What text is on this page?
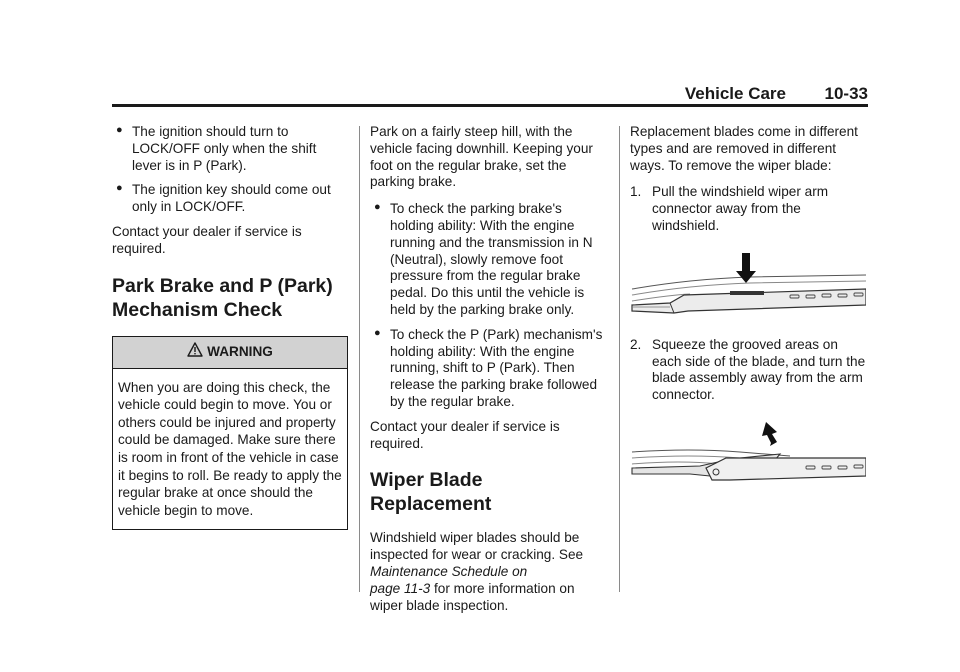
Vehicle Care 10-33
● The ignition should turn to LOCK/OFF only when the shift lever is in P (Park).
● The ignition key should come out only in LOCK/OFF.
Contact your dealer if service is required.
Park Brake and P (Park)
Mechanism Check
WARNING
When you are doing this check, the vehicle could begin to move. You or others could be injured and property could be damaged. Make sure there is room in front of the vehicle in case it begins to roll. Be ready to apply the regular brake at once should the vehicle begin to move.
Park on a fairly steep hill, with the vehicle facing downhill. Keeping your foot on the regular brake, set the parking brake.
● To check the parking brake's holding ability: With the engine running and the transmission in N (Neutral), slowly remove foot pressure from the regular brake pedal. Do this until the vehicle is held by the parking brake only.
● To check the P (Park) mechanism's holding ability: With the engine running, shift to P (Park). Then release the parking brake followed by the regular brake.
Contact your dealer if service is required.
Wiper Blade Replacement
Windshield wiper blades should be inspected for wear or cracking. See Maintenance Schedule on
page 11-3 for more information on wiper blade inspection.
Replacement blades come in different types and are removed in different ways. To remove the wiper blade:
1. Pull the windshield wiper arm connector away from the windshield.
2. Squeeze the grooved areas on each side of the blade, and turn the blade assembly away from the arm connector.
